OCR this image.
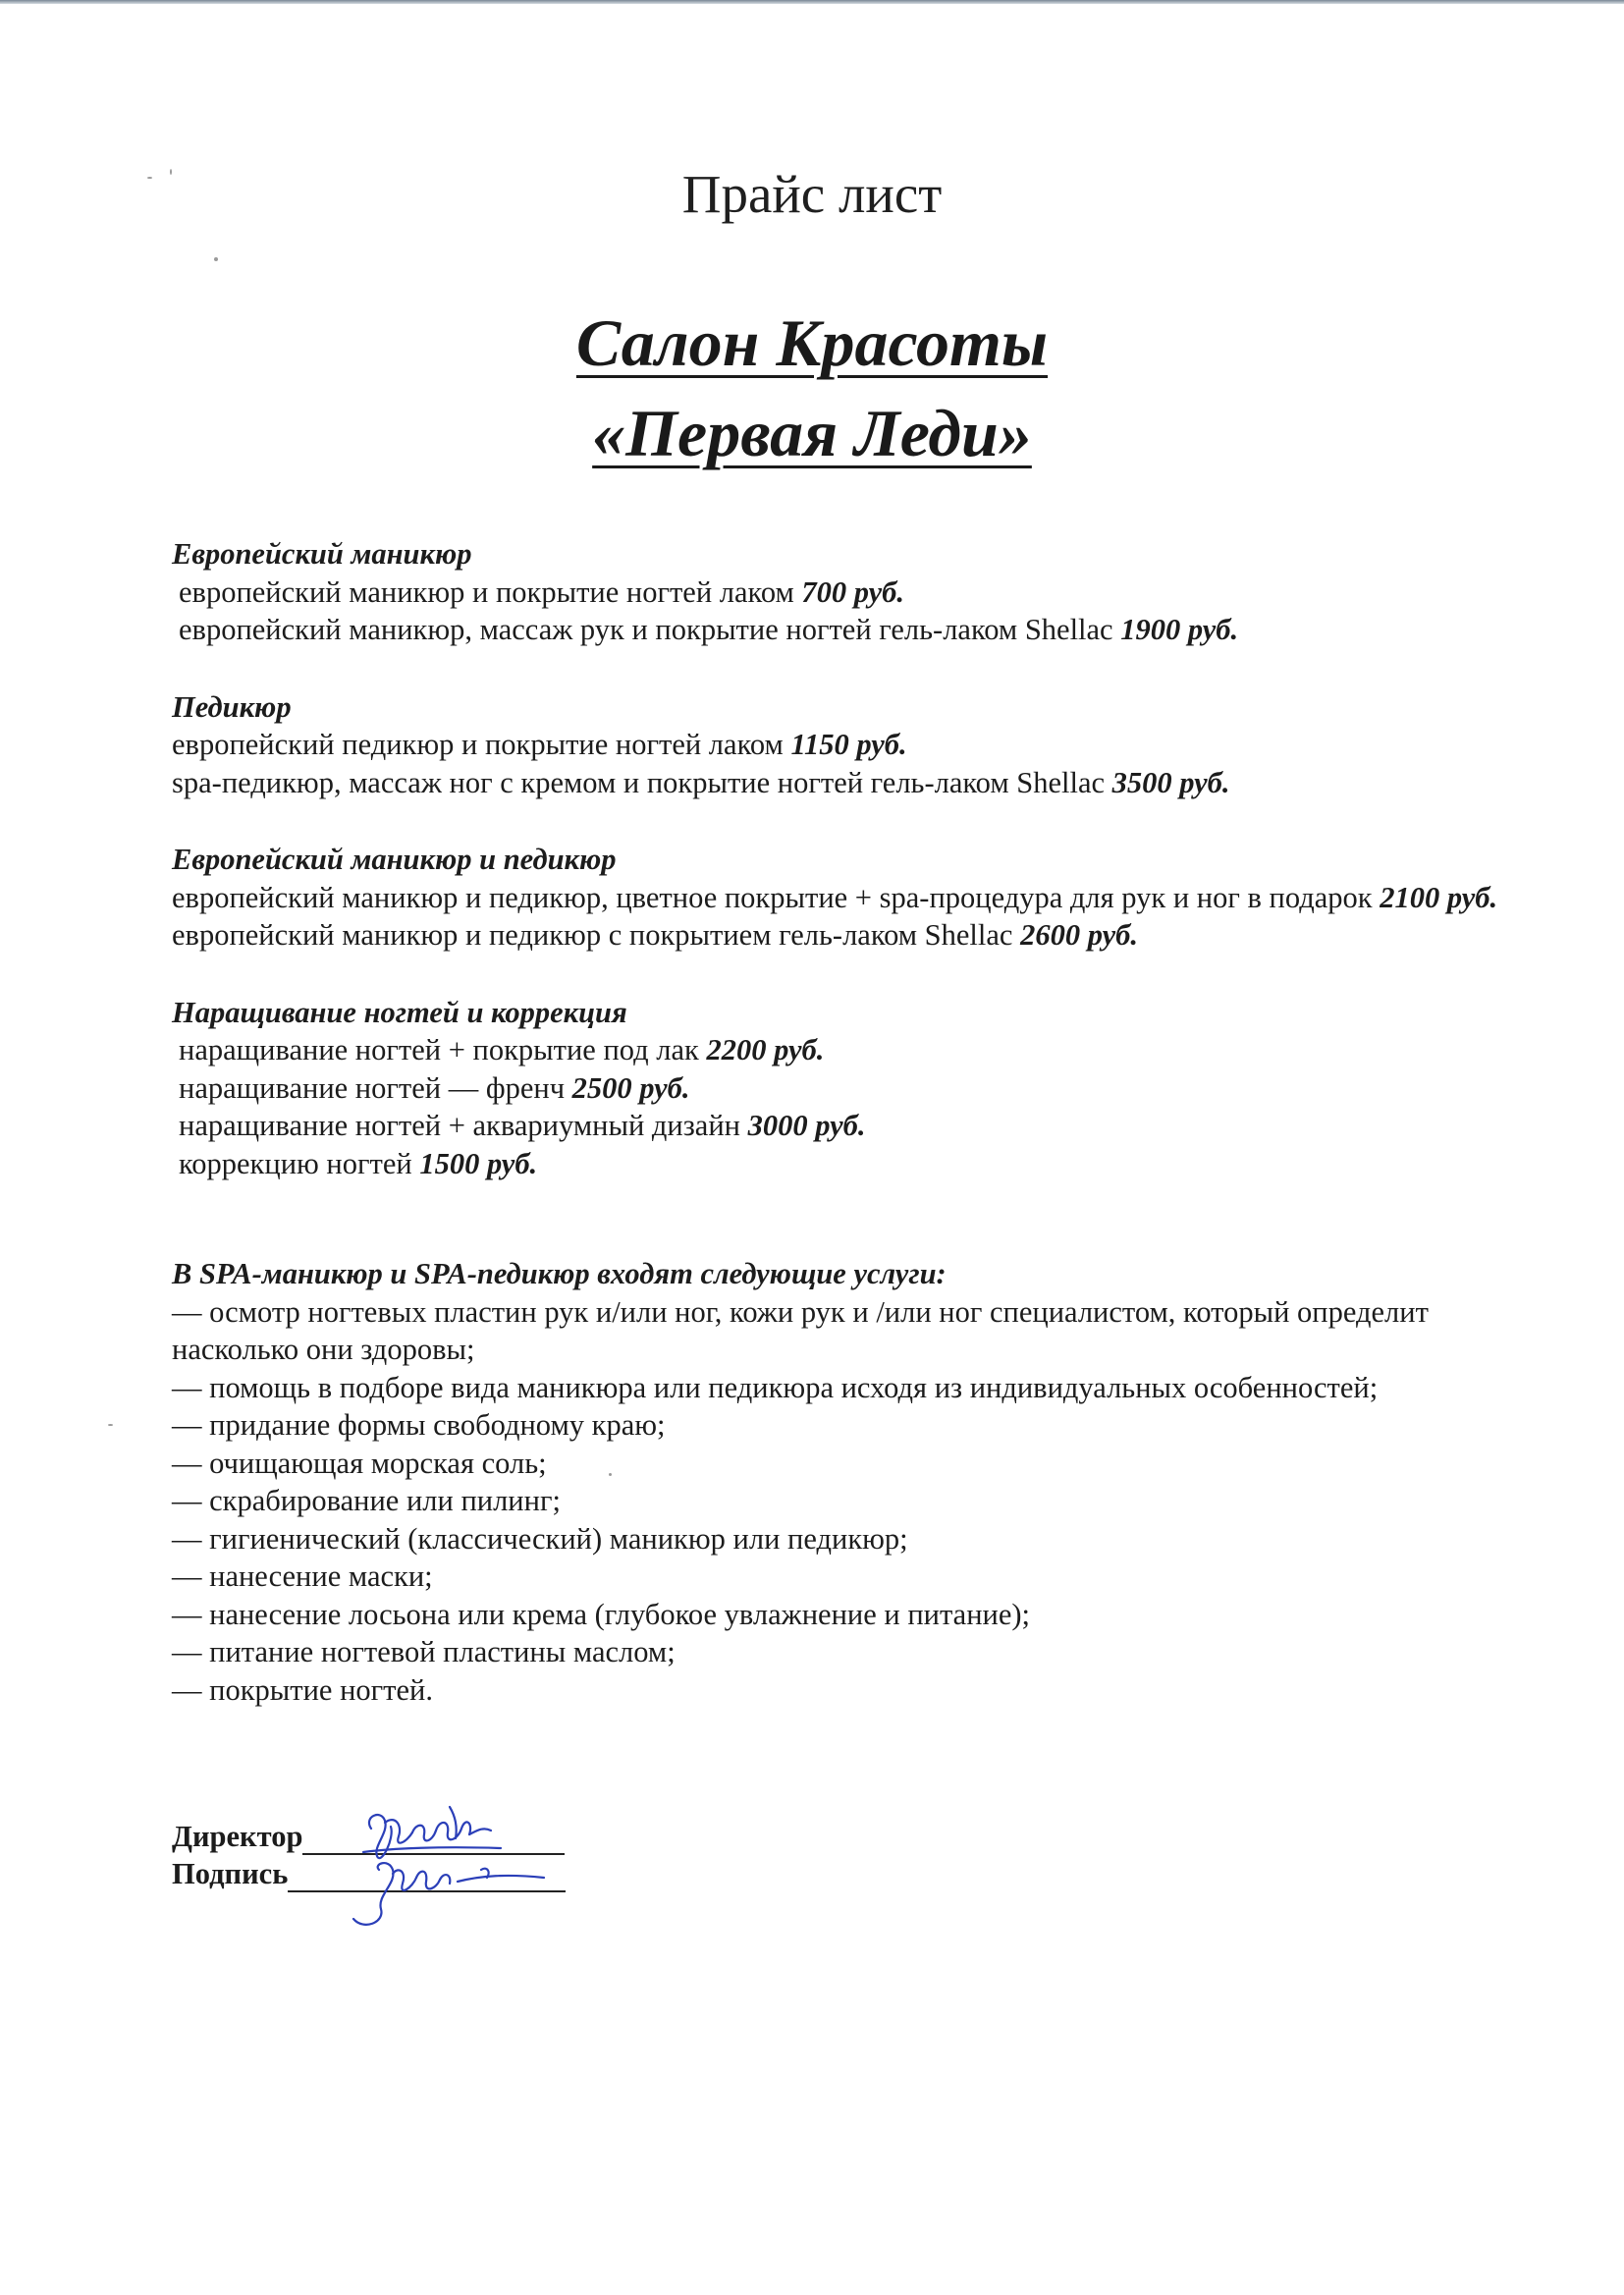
Прайс лист
Салон Красоты
«Первая Леди»
Европейский маникюр
европейский маникюр и покрытие ногтей лаком 700 руб.
европейский маникюр, массаж рук и покрытие ногтей гель-лаком Shellac 1900 руб.
Педикюр
европейский педикюр и покрытие ногтей лаком 1150 руб.
spa-педикюр, массаж ног с кремом и покрытие ногтей гель-лаком Shellac 3500 руб.
Европейский маникюр и педикюр
европейский маникюр и педикюр, цветное покрытие + spa-процедура для рук и ног в подарок 2100 руб.
европейский маникюр и педикюр с покрытием гель-лаком Shellac 2600 руб.
Наращивание ногтей и коррекция
наращивание ногтей + покрытие под лак 2200 руб.
наращивание ногтей — френч 2500 руб.
наращивание ногтей + аквариумный дизайн 3000 руб.
коррекцию ногтей 1500 руб.
В SPA-маникюр и SPA-педикюр входят следующие услуги:
— осмотр ногтевых пластин рук и/или ног, кожи рук и /или ног специалистом, который определит насколько они здоровы;
— помощь в подборе вида маникюра или педикюра исходя из индивидуальных особенностей;
— придание формы свободному краю;
— очищающая морская соль;
— скрабирование или пилинг;
— гигиенический (классический) маникюр или педикюр;
— нанесение маски;
— нанесение лосьона или крема (глубокое увлажнение и питание);
— питание ногтевой пластины маслом;
— покрытие ногтей.
Директор
Подпись
